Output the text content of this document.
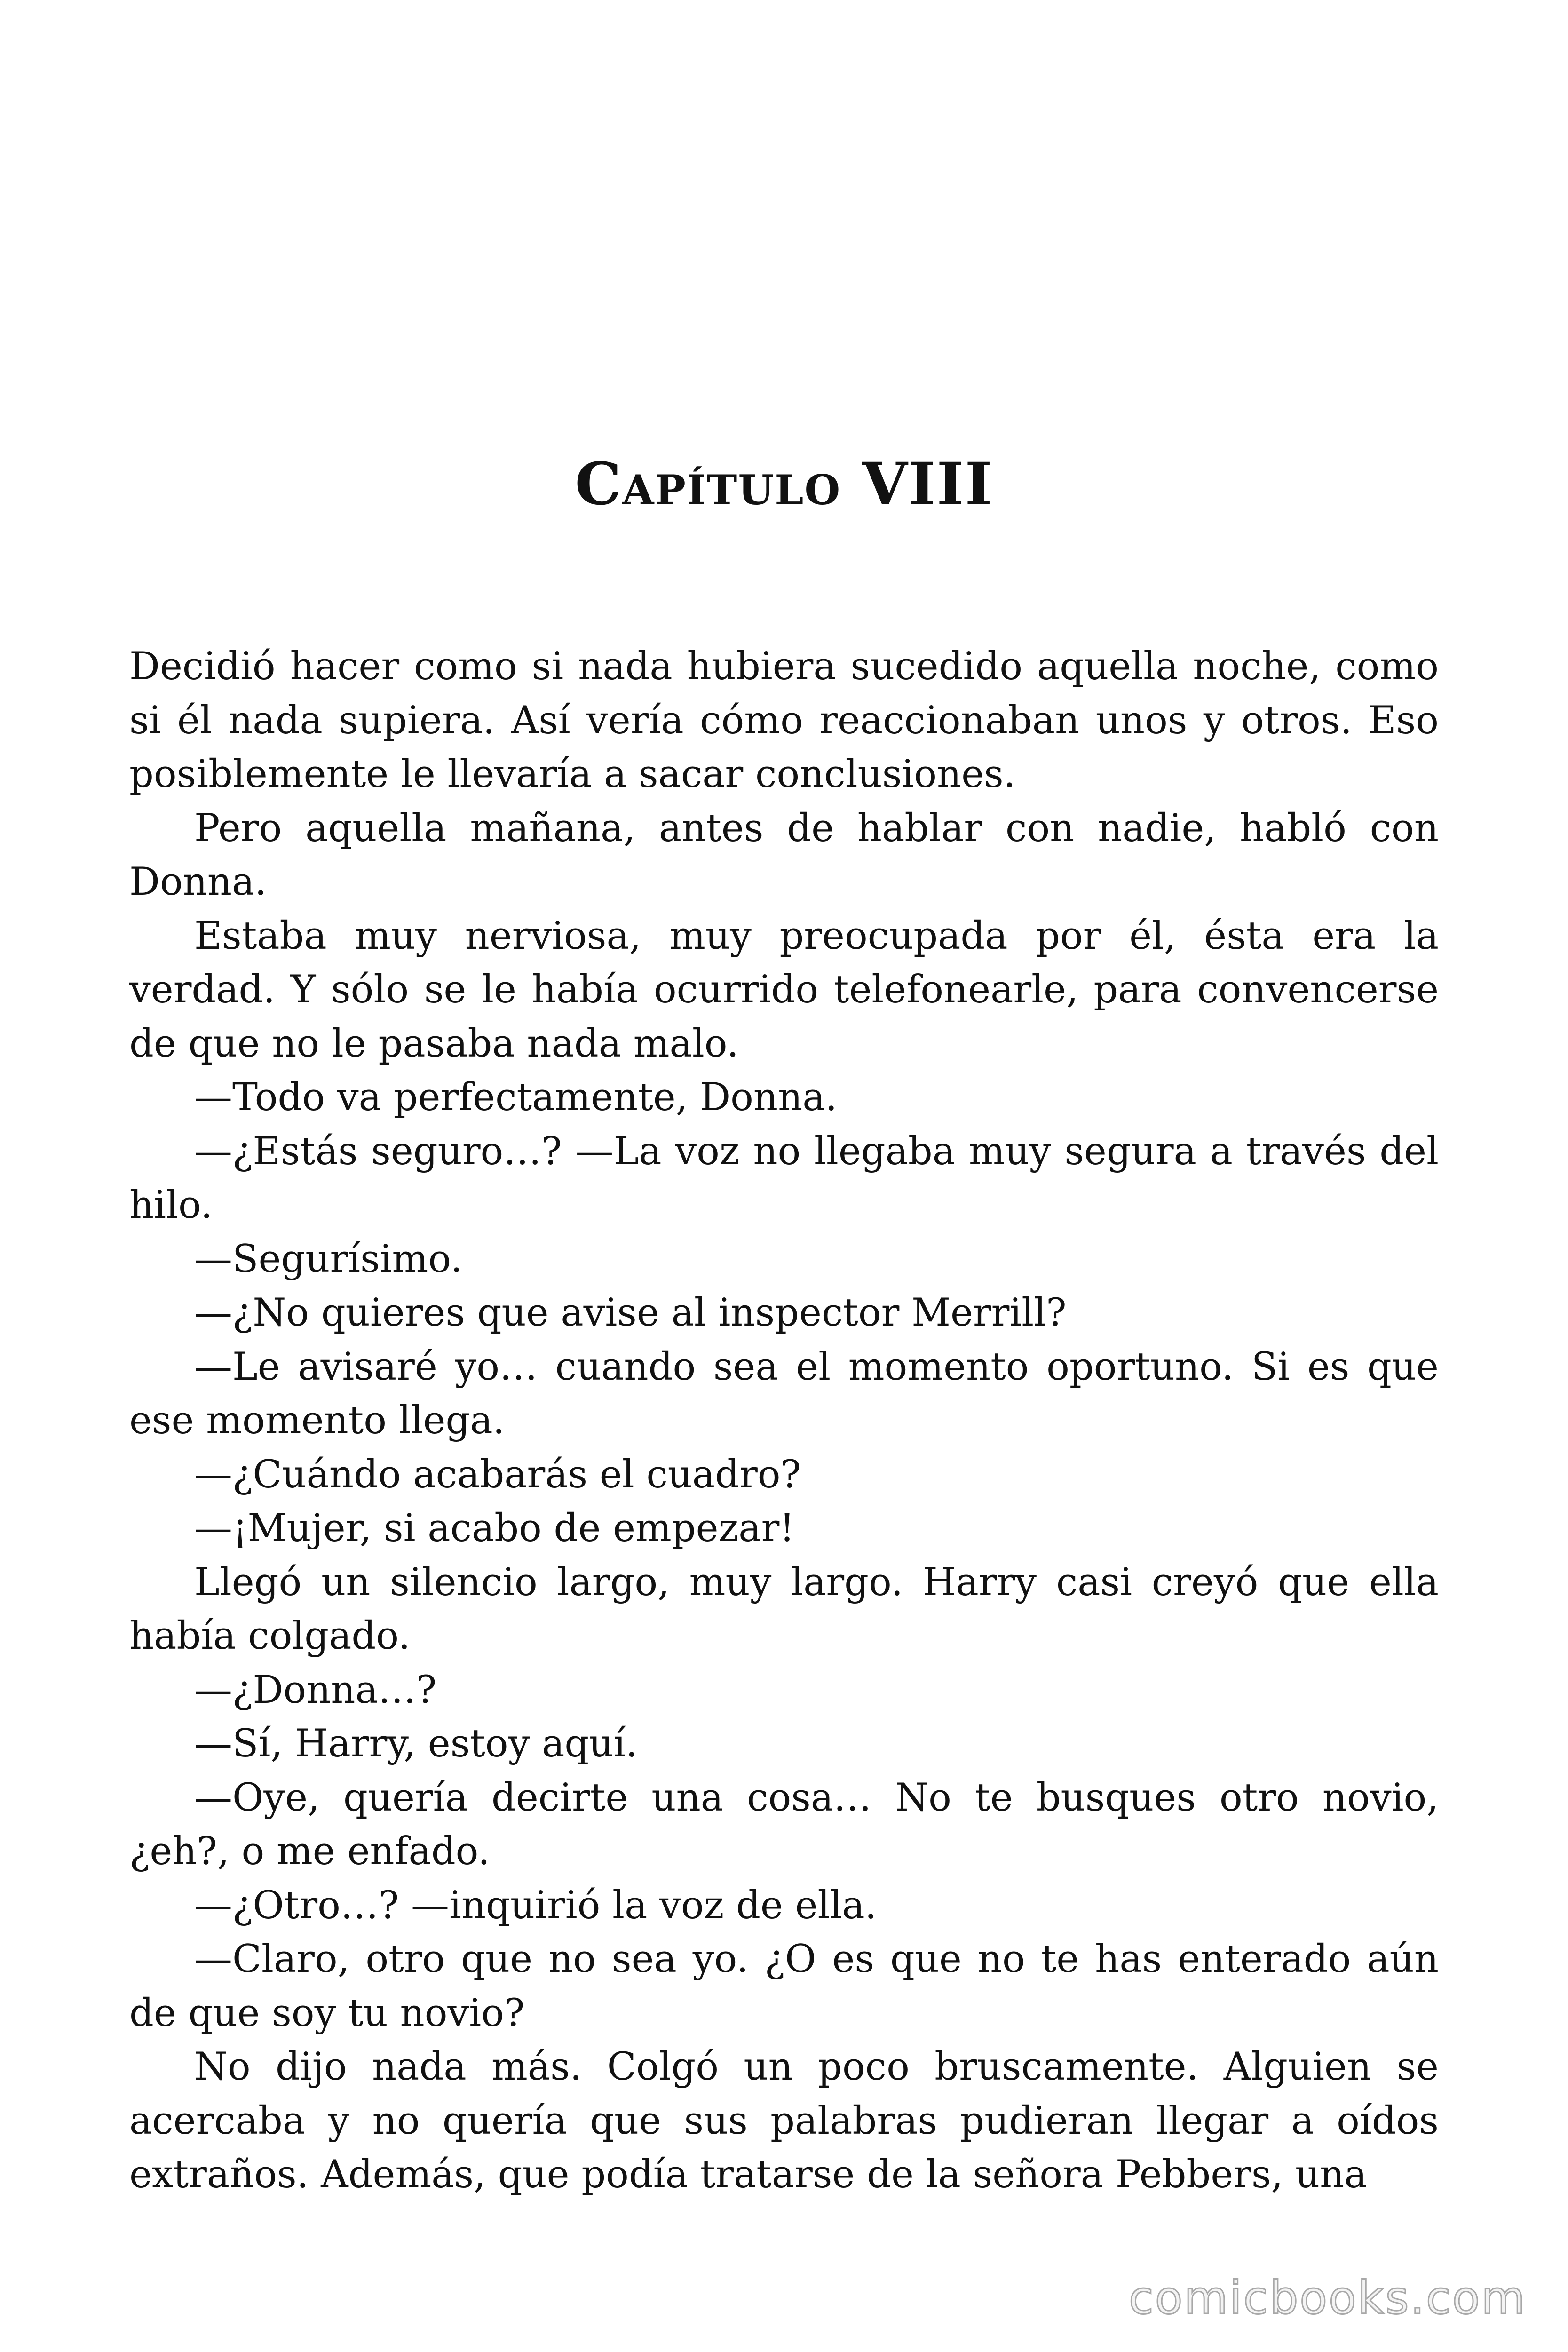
Capítulo VIII

Decidió hacer como si nada hubiera sucedido aquella noche, como si él nada supiera. Así vería cómo reaccionaban unos y otros. Eso posiblemente le llevaría a sacar conclusiones.

Pero aquella mañana, antes de hablar con nadie, habló con Donna.

Estaba muy nerviosa, muy preocupada por él, ésta era la verdad. Y sólo se le había ocurrido telefonearle, para convencerse de que no le pasaba nada malo.

—Todo va perfectamente, Donna.

—¿Estás seguro…? —La voz no llegaba muy segura a través del hilo.

—Segurísimo.

—¿No quieres que avise al inspector Merrill?

—Le avisaré yo… cuando sea el momento oportuno. Si es que ese momento llega.

—¿Cuándo acabarás el cuadro?

—¡Mujer, si acabo de empezar!

Llegó un silencio largo, muy largo. Harry casi creyó que ella había colgado.

—¿Donna…?

—Sí, Harry, estoy aquí.

—Oye, quería decirte una cosa… No te busques otro novio, ¿eh?, o me enfado.

—¿Otro…? —inquirió la voz de ella.

—Claro, otro que no sea yo. ¿O es que no te has enterado aún de que soy tu novio?

No dijo nada más. Colgó un poco bruscamente. Alguien se acercaba y no quería que sus palabras pudieran llegar a oídos extraños. Además, que podía tratarse de la señora Pebbers, una

comicbooks.com
